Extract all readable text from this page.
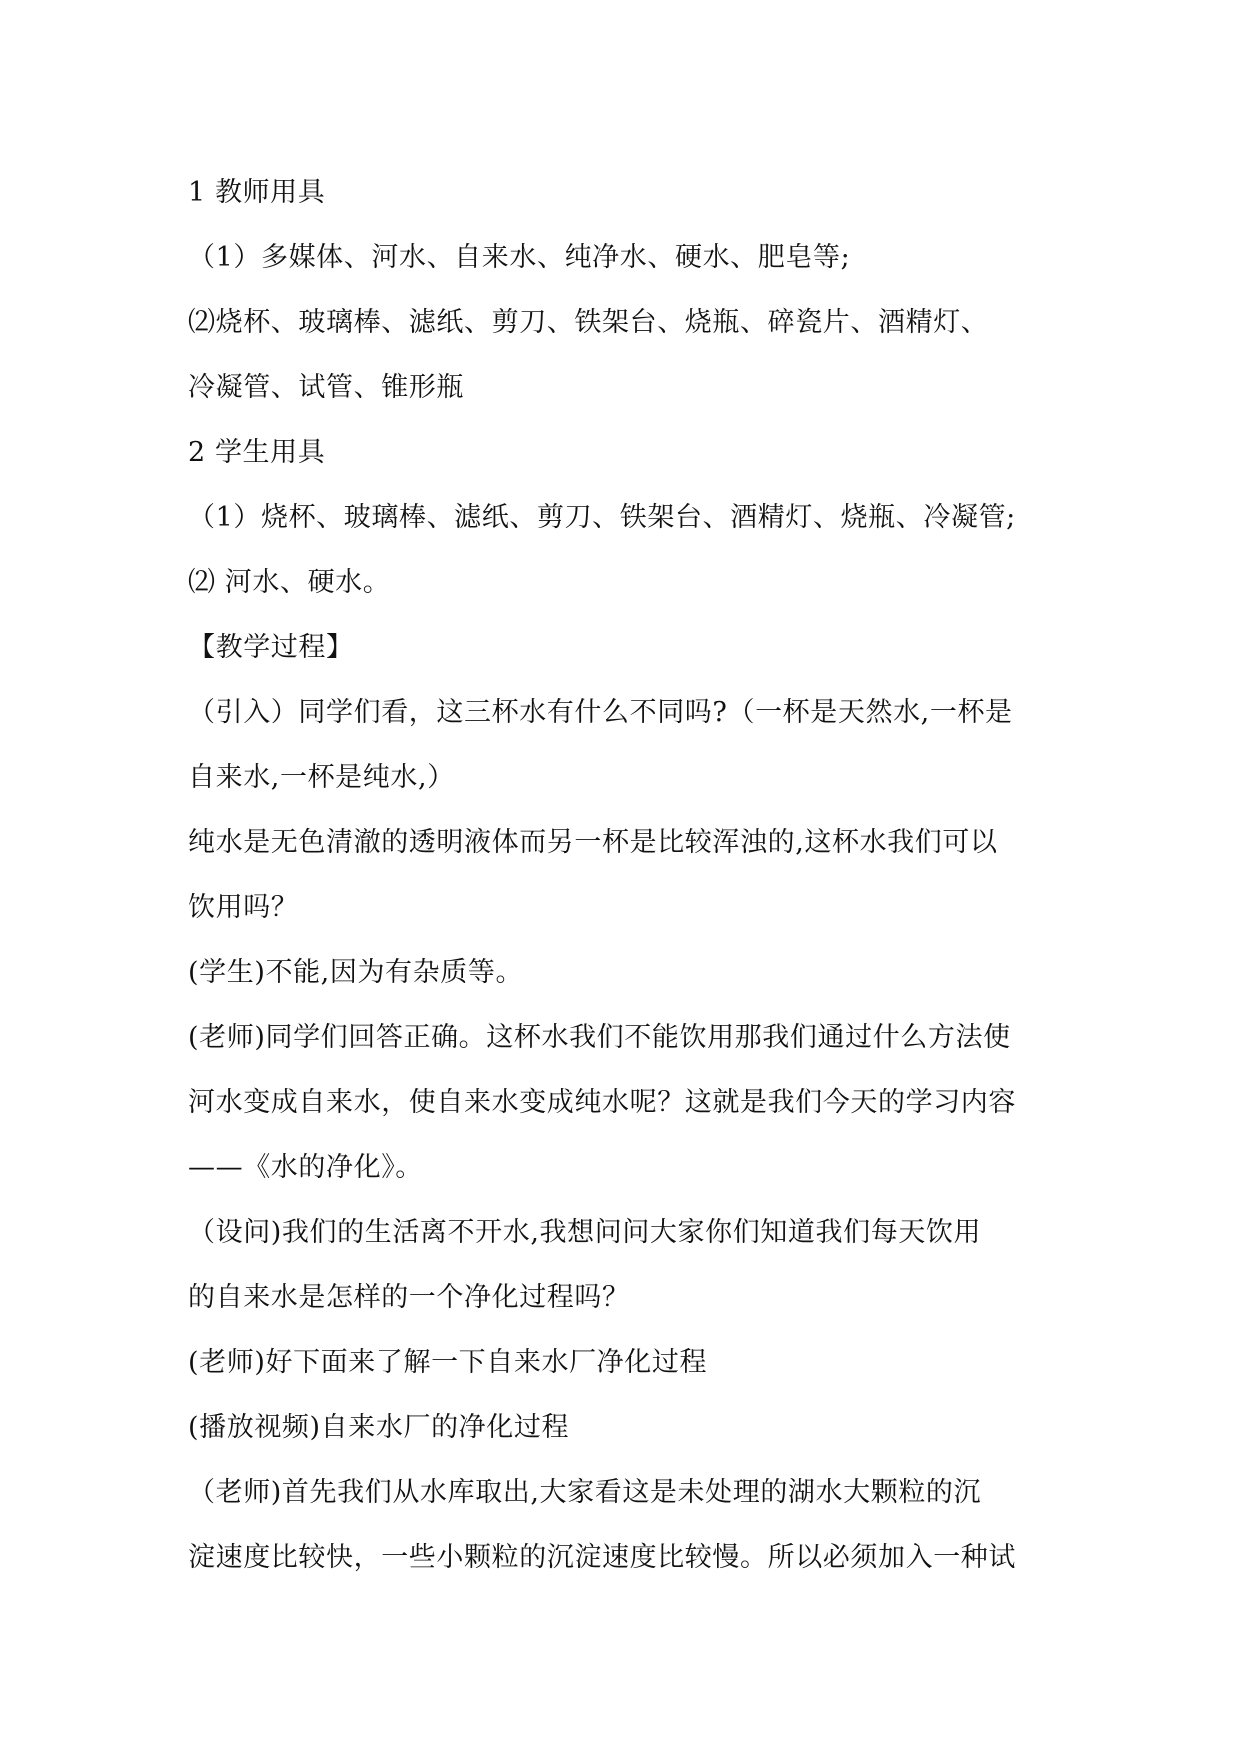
1 教师用具
（1）多媒体、河水、自来水、纯净水、硬水、肥皂等;
⑵烧杯、玻璃棒、滤纸、剪刀、铁架台、烧瓶、碎瓷片、酒精灯、
冷凝管、试管、锥形瓶
2 学生用具
（1）烧杯、玻璃棒、滤纸、剪刀、铁架台、酒精灯、烧瓶、冷凝管;
⑵ 河水、硬水。
【教学过程】
（引入）同学们看，这三杯水有什么不同吗?（一杯是天然水,一杯是
自来水,一杯是纯水,）
纯水是无色清澈的透明液体而另一杯是比较浑浊的,这杯水我们可以
饮用吗？
(学生)不能,因为有杂质等。
(老师)同学们回答正确。这杯水我们不能饮用那我们通过什么方法使
河水变成自来水，使自来水变成纯水呢？这就是我们今天的学习内容
——《水的净化》。
（设问)我们的生活离不开水,我想问问大家你们知道我们每天饮用
的自来水是怎样的一个净化过程吗？
(老师)好下面来了解一下自来水厂净化过程
(播放视频)自来水厂的净化过程
（老师)首先我们从水库取出,大家看这是未处理的湖水大颗粒的沉
淀速度比较快，一些小颗粒的沉淀速度比较慢。所以必须加入一种试
